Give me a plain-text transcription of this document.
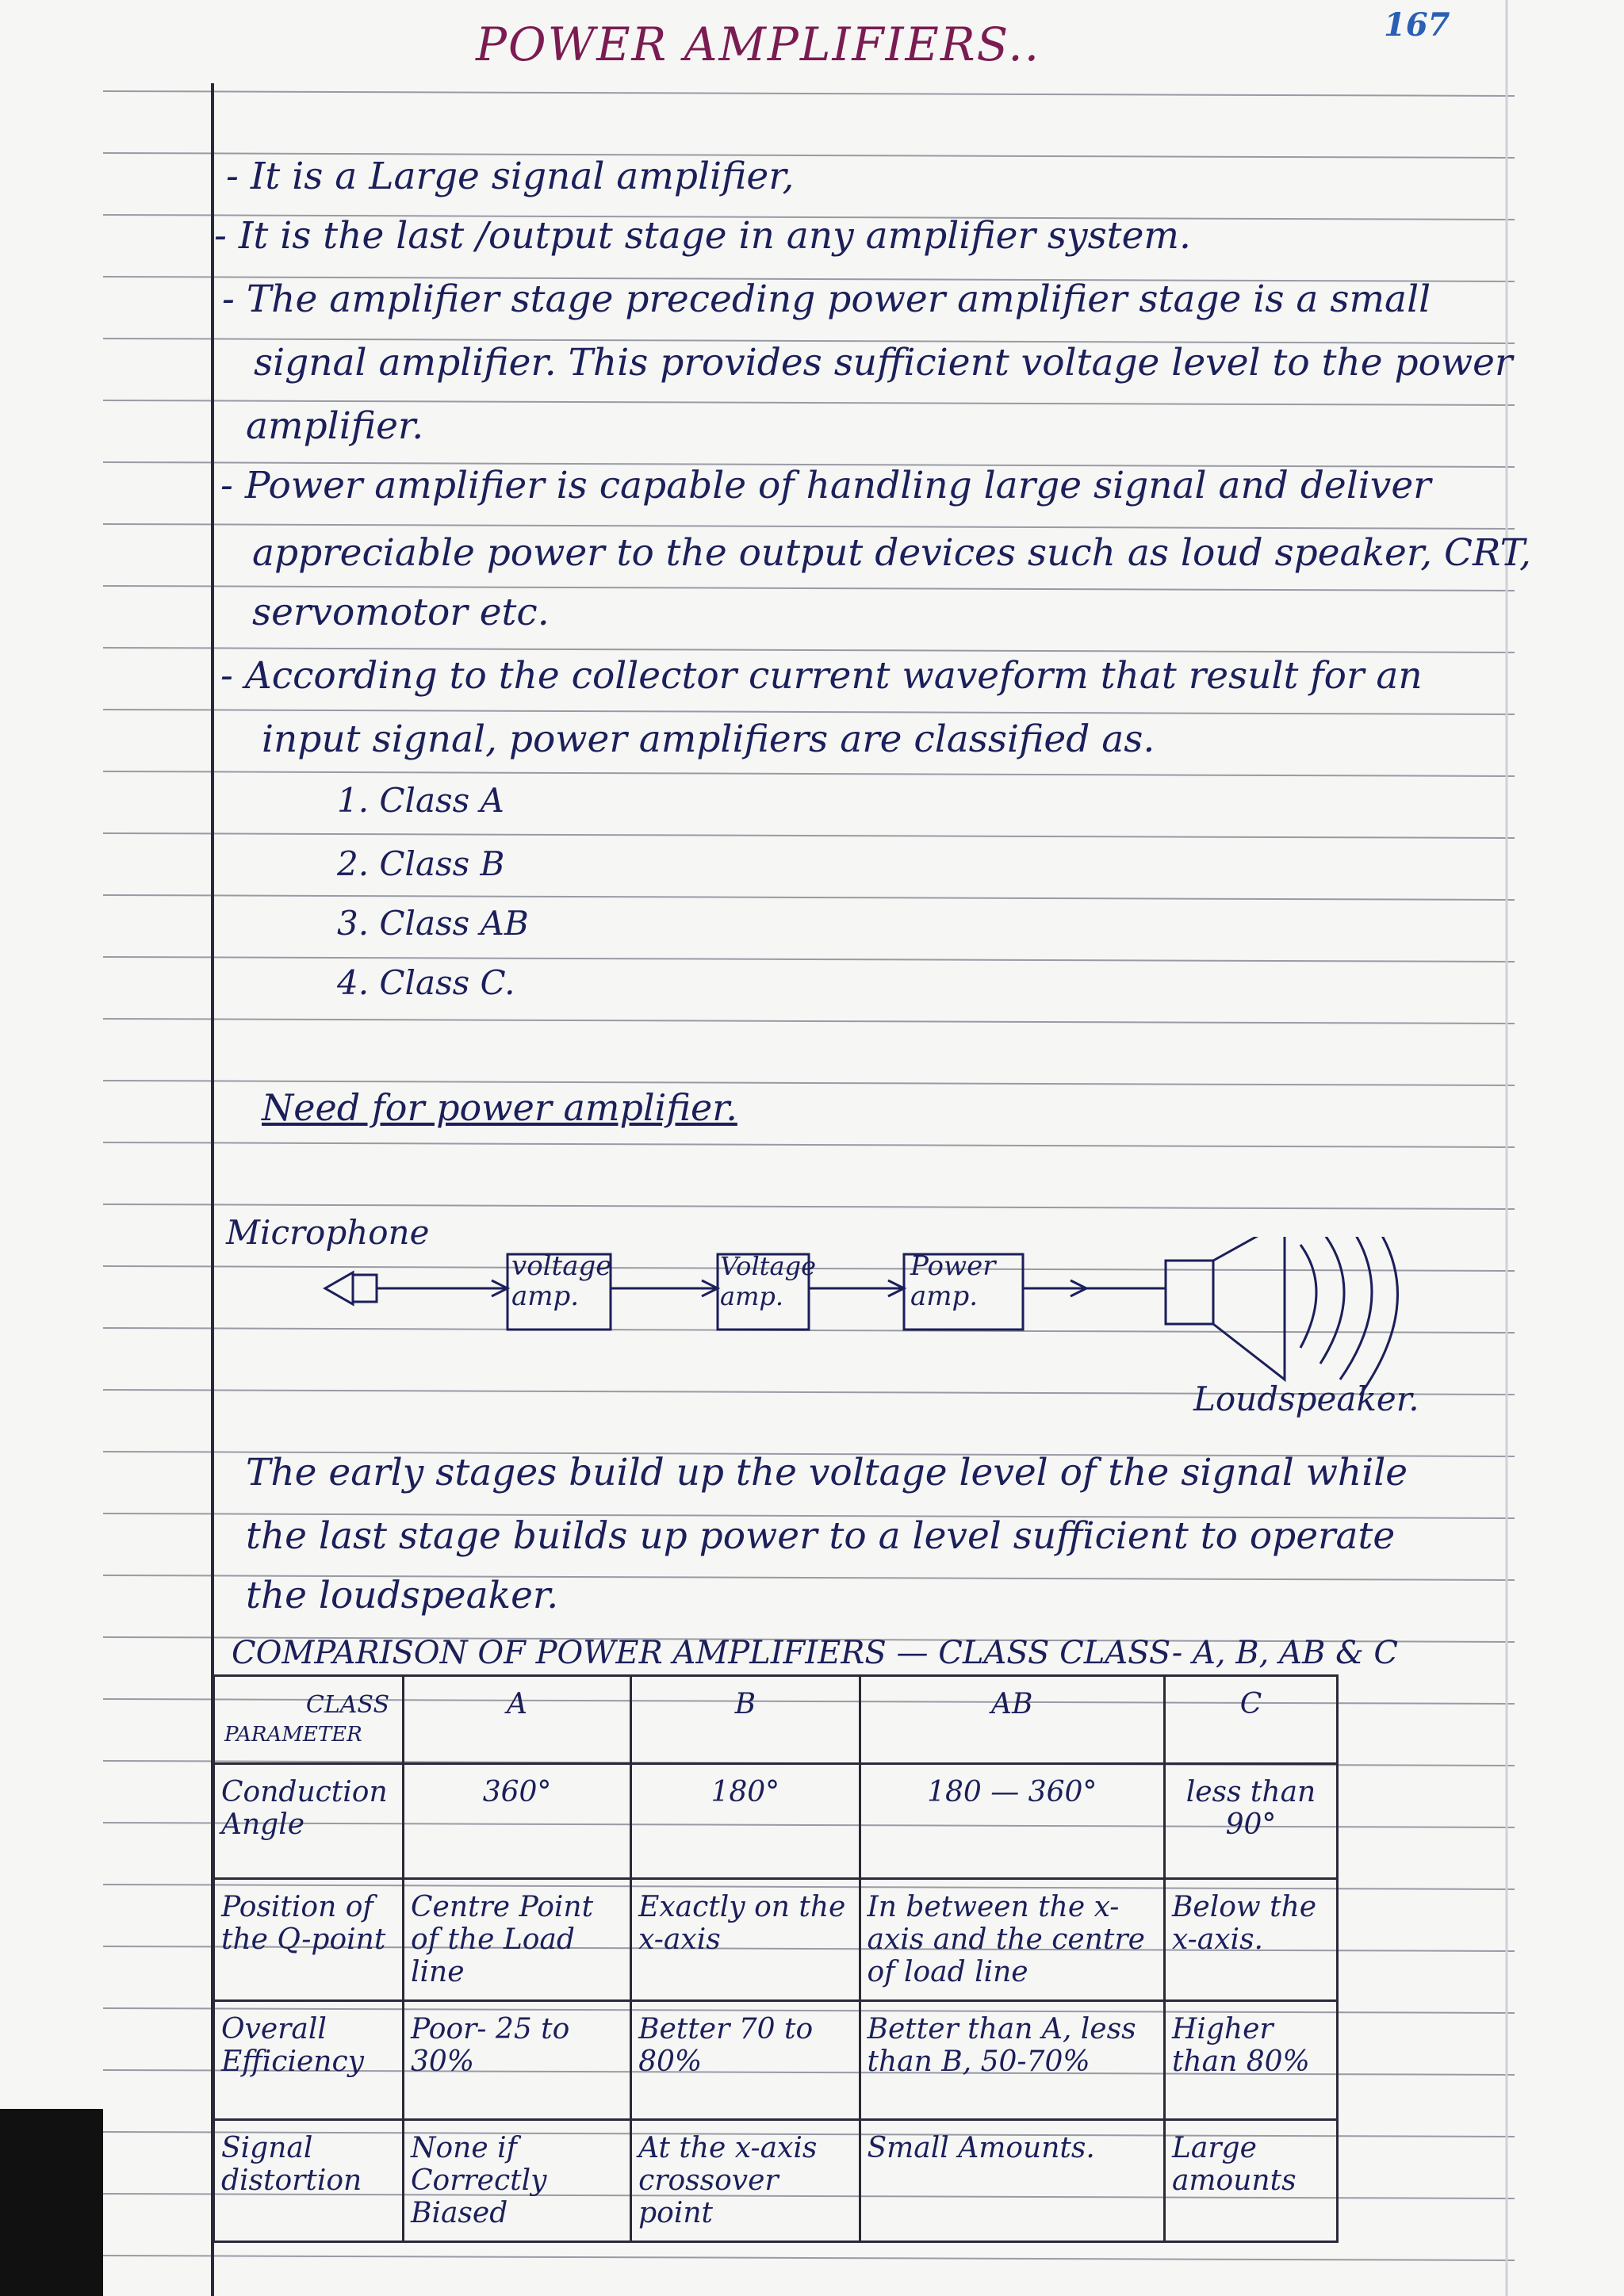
POWER AMPLIFIERS..	167
- It is a Large signal amplifier,
- It is the last /output stage in any amplifier system.
- The amplifier stage preceding power amplifier stage is a small
signal amplifier. This provides sufficient voltage level to the power
amplifier.
- Power amplifier is capable of handling large signal and deliver
appreciable power to the output devices such as loud speaker, CRT,
servomotor etc.
- According to the collector current waveform that result for an
input signal, power amplifiers are classified as.
1. Class A
2. Class B
3. Class AB
4. Class C.
Need for power amplifier.
Microphone
voltage amp.
Voltage amp.
Power amp.
Loudspeaker.
The early stages build up the voltage level of the signal while
the last stage builds up power to a level sufficient to operate
the loudspeaker.
COMPARISON OF POWER AMPLIFIERS — CLASS CLASS- A, B, AB & C
CLASS
PARAMETER	A	B	AB	C
Conduction Angle	360°	180°	180 — 360°	less than 90°
Position of the Q-point	Centre Point of the Load line	Exactly on the x-axis	In between the x-axis and the centre of load line	Below the x-axis.
Overall Efficiency	Poor- 25 to 30%	Better 70 to 80%	Better than A, less than B, 50-70%	Higher than 80%
Signal distortion	None if Correctly Biased	At the x-axis crossover point	Small Amounts.	Large amounts
